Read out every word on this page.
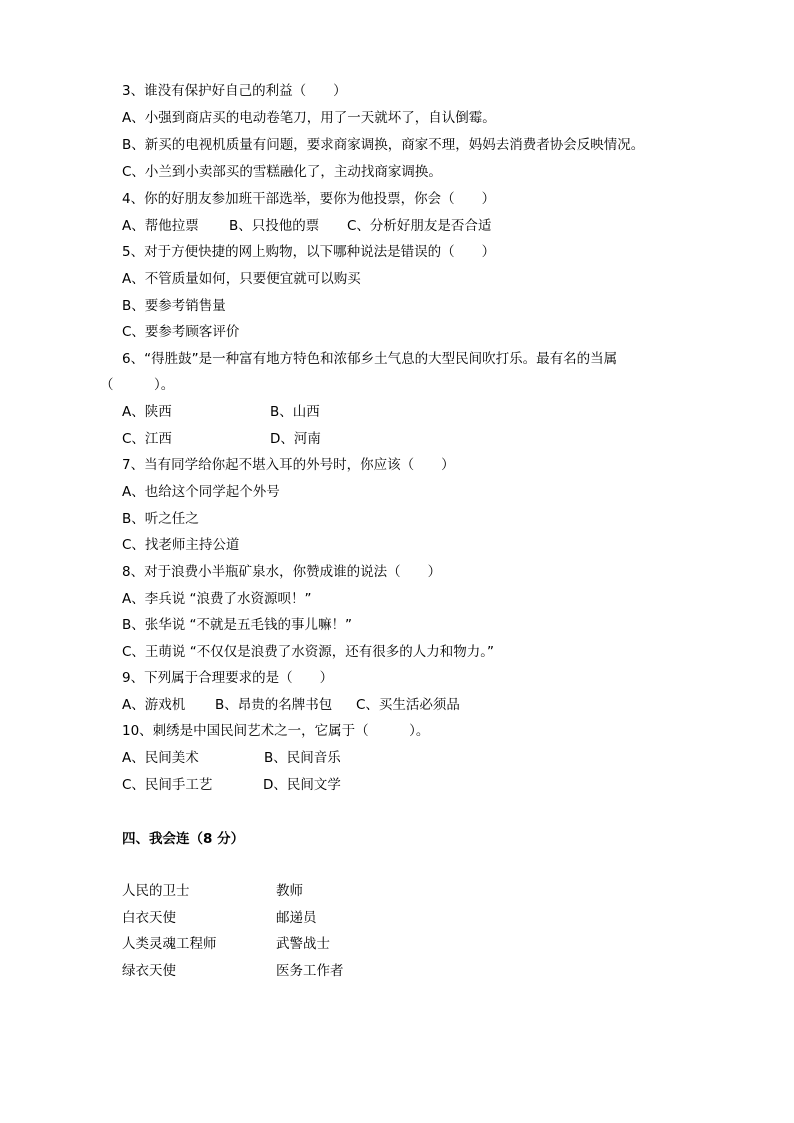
3、谁没有保护好自己的利益（　　）
A、小强到商店买的电动卷笔刀，用了一天就坏了，自认倒霉。
B、新买的电视机质量有问题，要求商家调换，商家不理，妈妈去消费者协会反映情况。
C、小兰到小卖部买的雪糕融化了，主动找商家调换。
4、你的好朋友参加班干部选举，要你为他投票，你会（　　）
A、帮他拉票 B、只投他的票 C、分析好朋友是否合适
5、对于方便快捷的网上购物，以下哪种说法是错误的（　　）
A、不管质量如何，只要便宜就可以购买
B、要参考销售量
C、要参考顾客评价
6、“得胜鼓”是一种富有地方特色和浓郁乡土气息的大型民间吹打乐。最有名的当属
（　　　）。
A、陕西	B、山西
C、江西	D、河南
7、当有同学给你起不堪入耳的外号时，你应该（　　）
A、也给这个同学起个外号
B、听之任之
C、找老师主持公道
8、对于浪费小半瓶矿泉水，你赞成谁的说法（　　）
A、李兵说 “浪费了水资源呗！”
B、张华说 “不就是五毛钱的事儿嘛！”
C、王萌说 “不仅仅是浪费了水资源，还有很多的人力和物力。”
9、下列属于合理要求的是（　　）
A、游戏机 B、昂贵的名牌书包 C、买生活必须品
10、刺绣是中国民间艺术之一，它属于（　　　）。
A、民间美术	B、民间音乐
C、民间手工艺	D、民间文学
四、我会连（8 分）
人民的卫士	教师
白衣天使	邮递员
人类灵魂工程师	武警战士
绿衣天使	医务工作者
